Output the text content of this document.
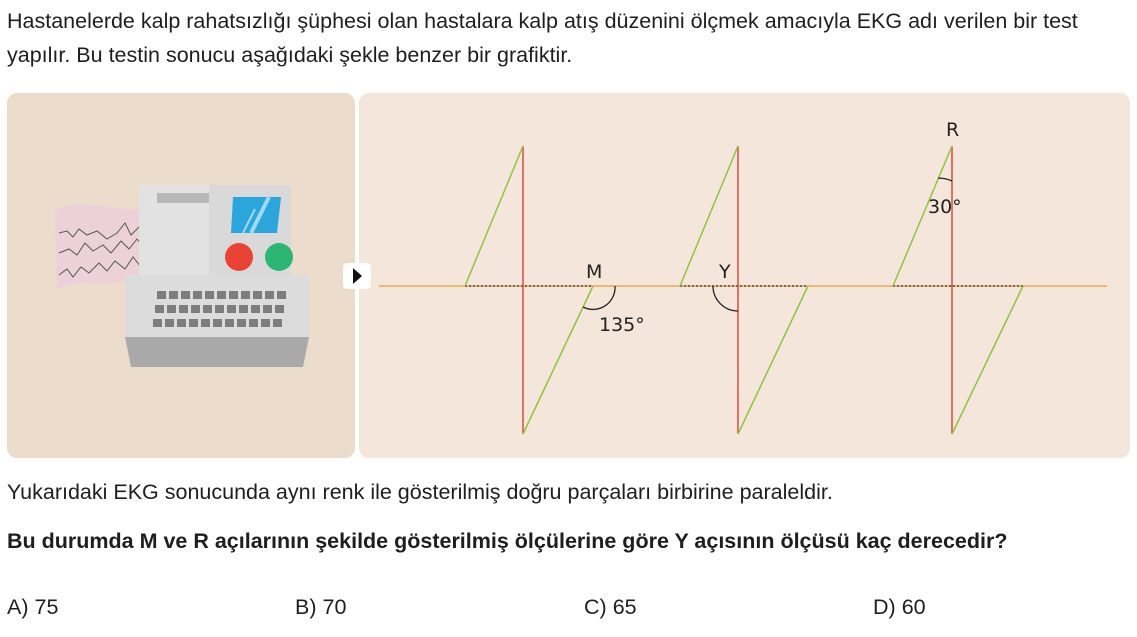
Hastanelerde kalp rahatsızlığı şüphesi olan hastalara kalp atış düzenini ölçmek amacıyla EKG adı verilen bir test yapılır. Bu testin sonucu aşağıdaki şekle benzer bir grafiktir.

M	Y
R
135°
30°

Yukarıdaki EKG sonucunda aynı renk ile gösterilmiş doğru parçaları birbirine paraleldir.

Bu durumda M ve R açılarının şekilde gösterilmiş ölçülerine göre Y açısının ölçüsü kaç derecedir?

A) 75	B) 70	C) 65	D) 60
